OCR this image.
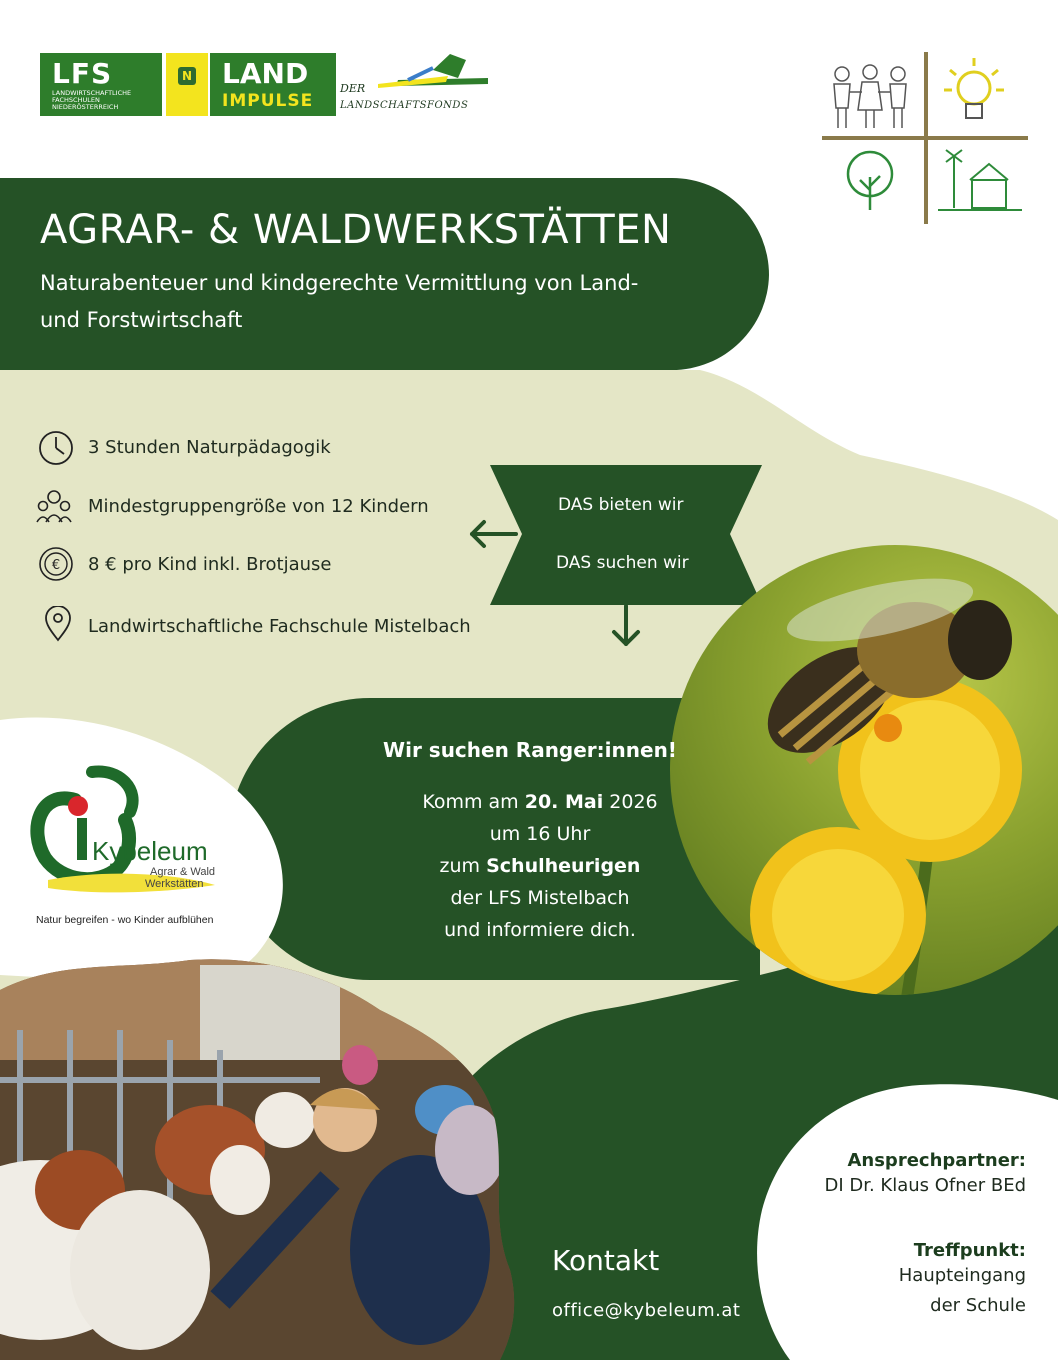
LFS
LANDWIRTSCHAFTLICHE
FACHSCHULEN
NIEDERÖSTERREICH
N LAND
IMPULSE
DER
LANDSCHAFTSFONDS
AGRAR- & WALDWERKSTÄTTEN
Naturabenteuer und kindgerechte Vermittlung von Land- und Forstwirtschaft
3 Stunden Naturpädagogik
Mindestgruppengröße von 12 Kindern
€ 8 € pro Kind inkl. Brotjause
Landwirtschaftliche Fachschule Mistelbach
DAS bieten wir
DAS suchen wir
Wir suchen Ranger:innen!
Komm am 20. Mai 2026
um 16 Uhr
zum Schulheurigen
der LFS Mistelbach
und informiere dich.
Kybeleum
Agrar & Wald
Werkstätten
Natur begreifen - wo Kinder aufblühen
Kontakt
office@kybeleum.at
Ansprechpartner:
DI Dr. Klaus Ofner BEd
Treffpunkt:
Haupteingang
der Schule
